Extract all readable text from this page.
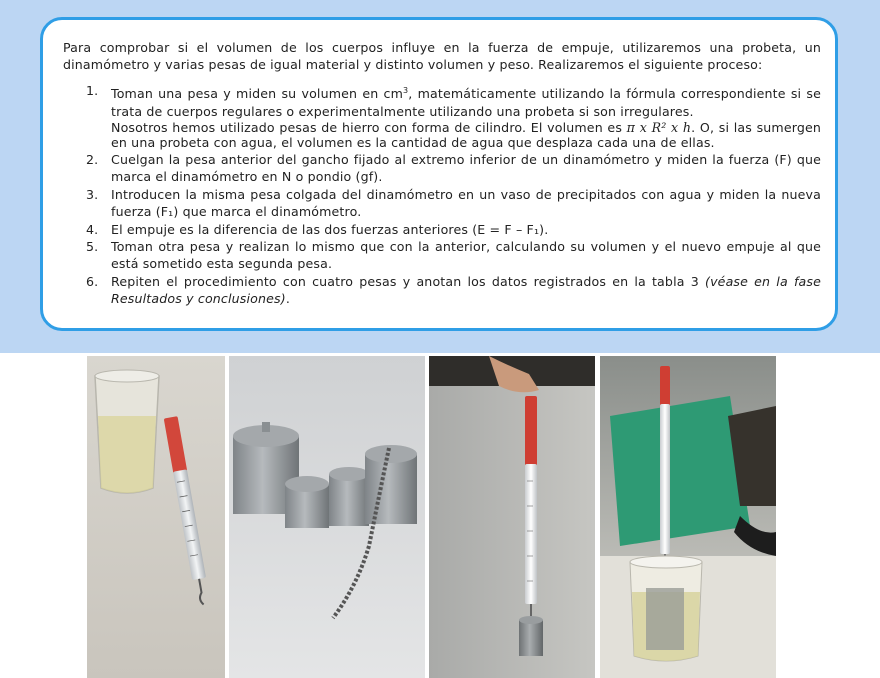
Para comprobar si el volumen de los cuerpos influye en la fuerza de empuje, utilizaremos una probeta, un dinamómetro y varias pesas de igual material y distinto volumen y peso. Realizaremos el siguiente proceso:

1. Toman una pesa y miden su volumen en $cm^3$, matemáticamente utilizando la fórmula correspondiente si se trata de cuerpos regulares o experimentalmente utilizando una probeta si son irregulares.
Nosotros hemos utilizado pesas de hierro con forma de cilindro. El volumen es π x R² x h. O, si las sumergen en una probeta con agua, el volumen es la cantidad de agua que desplaza cada una de ellas.
2. Cuelgan la pesa anterior del gancho fijado al extremo inferior de un dinamómetro y miden la fuerza (F) que marca el dinamómetro en N o pondio (gf).
3. Introducen la misma pesa colgada del dinamómetro en un vaso de precipitados con agua y miden la nueva fuerza (F₁) que marca el dinamómetro.
4. El empuje es la diferencia de las dos fuerzas anteriores (E = F – F₁).
5. Toman otra pesa y realizan lo mismo que con la anterior, calculando su volumen y el nuevo empuje al que está sometido esta segunda pesa.
6. Repiten el procedimiento con cuatro pesas y anotan los datos registrados en la tabla 3 (véase en la fase Resultados y conclusiones).
